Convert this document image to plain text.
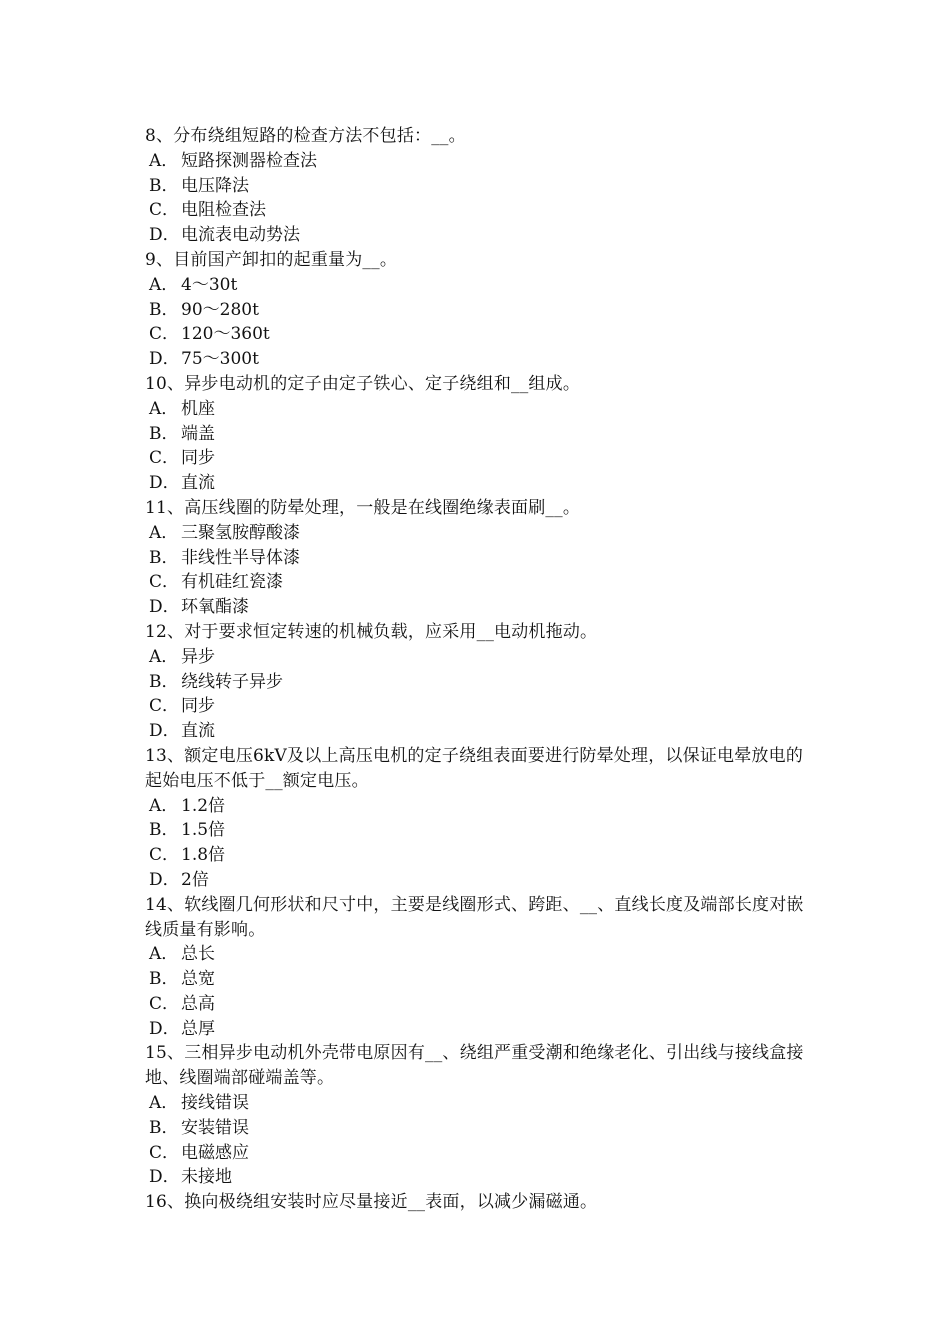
8、分布绕组短路的检查方法不包括：__。

A． 短路探测器检查法

B． 电压降法

C． 电阻检查法

D．电流表电动势法

9、目前国产卸扣的起重量为__。

A． 4～30t

B． 90～280t

C． 120～360t

D．75～300t

10、异步电动机的定子由定子铁心、定子绕组和__组成。

A． 机座

B． 端盖

C． 同步

D．直流

11、高压线圈的防晕处理，一般是在线圈绝缘表面刷__。

A． 三聚氢胺醇酸漆

B． 非线性半导体漆

C． 有机硅红瓷漆

D．环氧酯漆

12、对于要求恒定转速的机械负载，应采用__电动机拖动。

A． 异步

B． 绕线转子异步

C． 同步

D．直流

13、额定电压6kV及以上高压电机的定子绕组表面要进行防晕处理，以保证电晕放电的起始电压不低于__额定电压。

A． 1.2倍

B． 1.5倍

C． 1.8倍

D．2倍

14、软线圈几何形状和尺寸中，主要是线圈形式、跨距、__、直线长度及端部长度对嵌线质量有影响。

A． 总长

B． 总宽

C． 总高

D．总厚

15、三相异步电动机外壳带电原因有__、绕组严重受潮和绝缘老化、引出线与接线盒接地、线圈端部碰端盖等。

A． 接线错误

B． 安装错误

C． 电磁感应

D．未接地

16、换向极绕组安装时应尽量接近__表面，以减少漏磁通。
